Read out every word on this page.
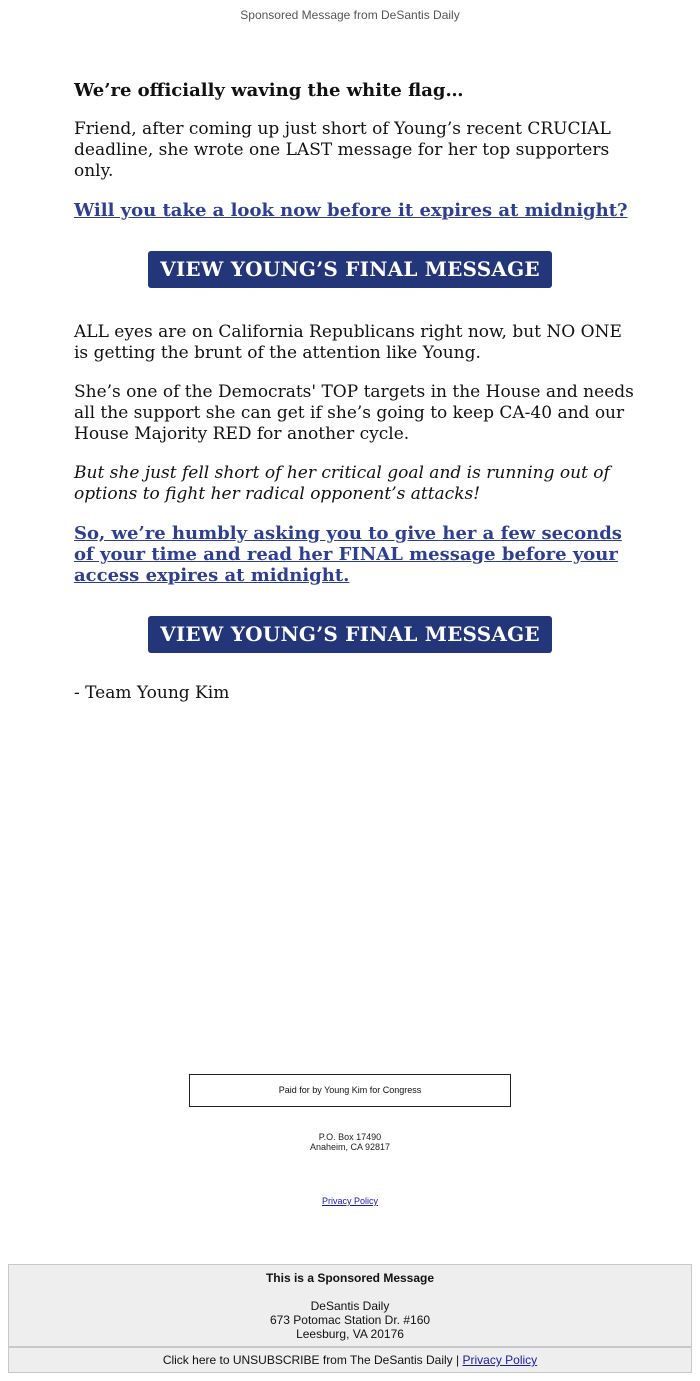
Sponsored Message from DeSantis Daily
We’re officially waving the white flag…
Friend, after coming up just short of Young’s recent CRUCIAL deadline, she wrote one LAST message for her top supporters only.
Will you take a look now before it expires at midnight?
VIEW YOUNG’S FINAL MESSAGE
ALL eyes are on California Republicans right now, but NO ONE is getting the brunt of the attention like Young.
She’s one of the Democrats' TOP targets in the House and needs all the support she can get if she’s going to keep CA-40 and our House Majority RED for another cycle.
But she just fell short of her critical goal and is running out of options to fight her radical opponent’s attacks!
So, we’re humbly asking you to give her a few seconds of your time and read her FINAL message before your access expires at midnight.
VIEW YOUNG’S FINAL MESSAGE
- Team Young Kim
Paid for by Young Kim for Congress
P.O. Box 17490
Anaheim, CA 92817
Privacy Policy
This is a Sponsored Message
DeSantis Daily
673 Potomac Station Dr. #160
Leesburg, VA 20176
Click here to UNSUBSCRIBE from The DeSantis Daily | Privacy Policy
